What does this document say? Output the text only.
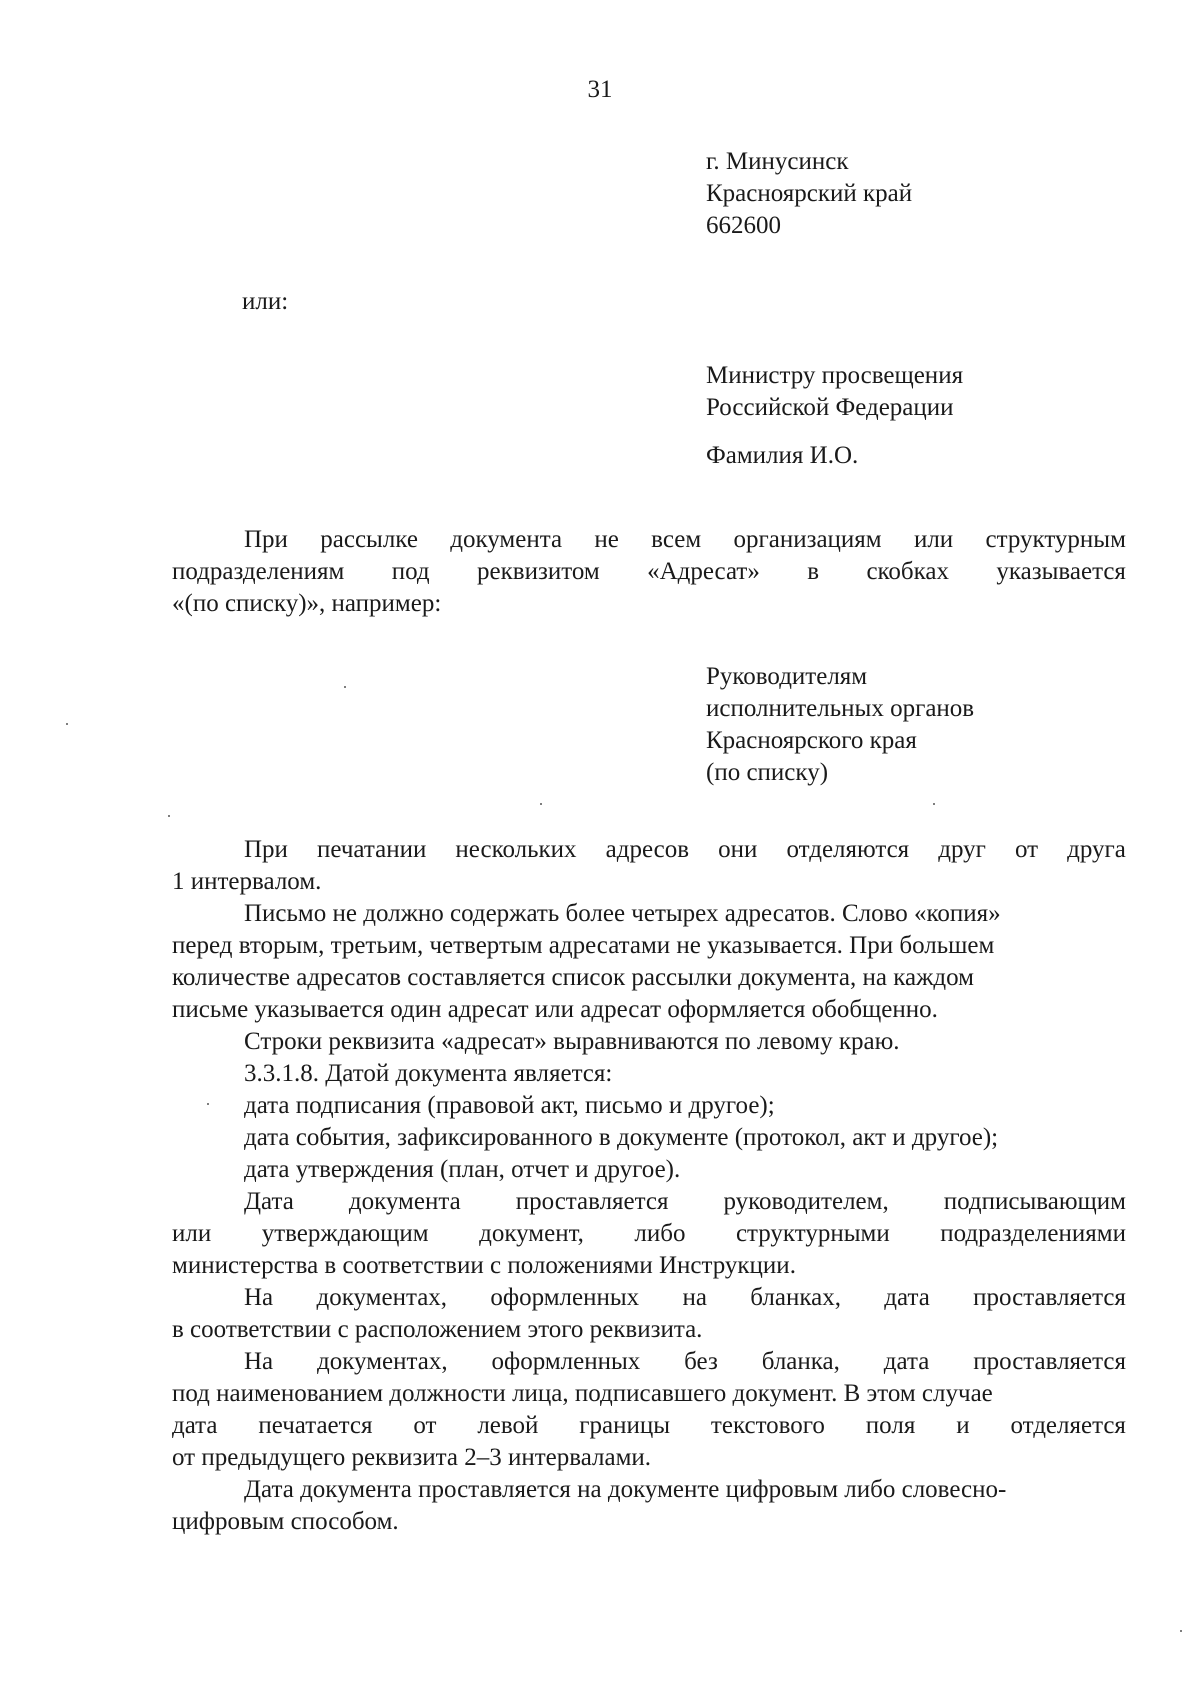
31
г. Минусинск
Красноярский край
662600
или:
Министру просвещения
Российской Федерации
Фамилия И.О.
При рассылке документа не всем организациям или структурным
подразделениям под реквизитом «Адресат» в скобках указывается
«(по списку)», например:
Руководителям
исполнительных органов
Красноярского края
(по списку)
При печатании нескольких адресов они отделяются друг от друга
1 интервалом.
Письмо не должно содержать более четырех адресатов. Слово «копия»
перед вторым, третьим, четвертым адресатами не указывается. При большем
количестве адресатов составляется список рассылки документа, на каждом
письме указывается один адресат или адресат оформляется обобщенно.
Строки реквизита «адресат» выравниваются по левому краю.
3.3.1.8. Датой документа является:
дата подписания (правовой акт, письмо и другое);
дата события, зафиксированного в документе (протокол, акт и другое);
дата утверждения (план, отчет и другое).
Дата документа проставляется руководителем, подписывающим
или утверждающим документ, либо структурными подразделениями
министерства в соответствии с положениями Инструкции.
На документах, оформленных на бланках, дата проставляется
в соответствии с расположением этого реквизита.
На документах, оформленных без бланка, дата проставляется
под наименованием должности лица, подписавшего документ. В этом случае
дата печатается от левой границы текстового поля и отделяется
от предыдущего реквизита 2–3 интервалами.
Дата документа проставляется на документе цифровым либо словесно-
цифровым способом.
